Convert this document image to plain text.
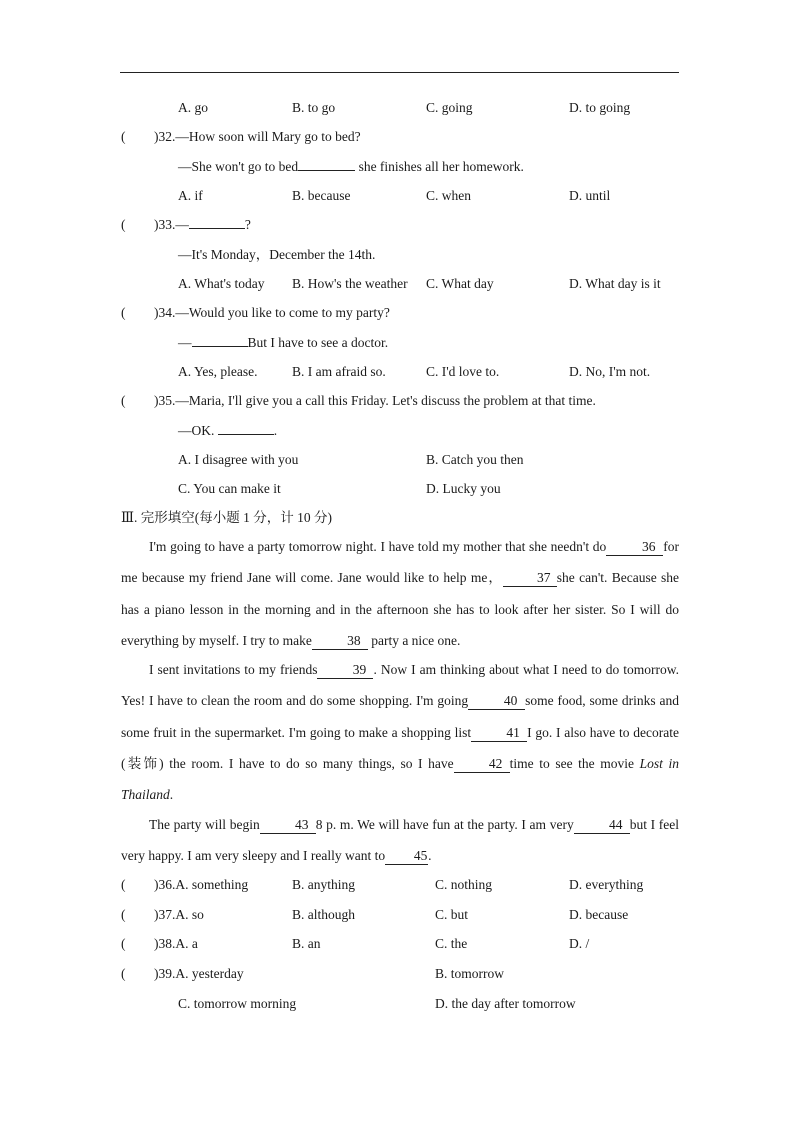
A. go	B. to go	C. going	D. to going
( )32.—How soon will Mary go to bed?
—She won't go to bed	she finishes all her homework.
A. if	B. because	C. when	D. until
( )33.—	?
—It's Monday，December the 14th.
A. What's today B. How's the weather C. What day	D. What day is it
( )34.—Would you like to come to my party?
—	But I have to see a doctor.
A. Yes, please.	B. I am afraid so.	C. I'd love to.	D. No, I'm not.
( )35.—Maria, I'll give you a call this Friday. Let's discuss the problem at that time.
—OK.	.
A. I disagree with you	B. Catch you then
C. You can make it	D. Lucky you
Ⅲ. 完形填空(每小题 1 分，计 10 分)
I'm going to have a party tomorrow night. I have told my mother that she needn't do	36 for me because my friend Jane will come. Jane would like to help me，	37 she can't. Because she has a piano lesson in the morning and in the afternoon she has to look after her sister. So I will do everything by myself. I try to make	38 party a nice one.
I sent invitations to my friends	39 . Now I am thinking about what I need to do tomorrow. Yes! I have to clean the room and do some shopping. I'm going	40 some food, some drinks and some fruit in the supermarket. I'm going to make a shopping list	41 I go. I also have to decorate (装饰) the room. I have to do so many things, so I have	42 time to see the movie Lost in Thailand.
The party will begin	43 8 p. m. We will have fun at the party. I am very	44 but I feel very happy. I am very sleepy and I really want to 45.
( )36.A. something	B. anything	C. nothing	D. everything
( )37.A. so	B. although	C. but	D. because
( )38.A. a	B. an	C. the	D. /
( )39.A. yesterday	B. tomorrow
C. tomorrow morning	D. the day after tomorrow
